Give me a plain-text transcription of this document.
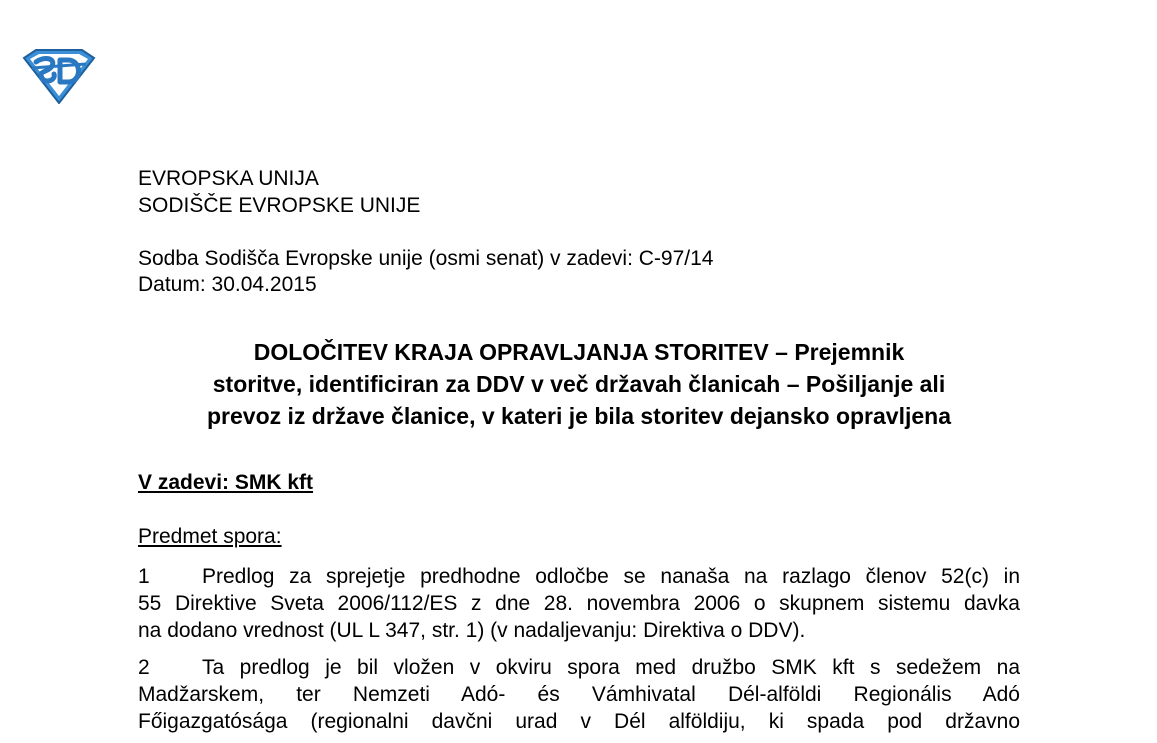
EVROPSKA UNIJA
SODIŠČE EVROPSKE UNIJE
Sodba Sodišča Evropske unije (osmi senat) v zadevi: C-97/14
Datum: 30.04.2015
DOLOČITEV KRAJA OPRAVLJANJA STORITEV – Prejemnik
storitve, identificiran za DDV v več državah članicah – Pošiljanje ali
prevoz iz države članice, v kateri je bila storitev dejansko opravljena
V zadevi: SMK kft
Predmet spora:
1 Predlog za sprejetje predhodne odločbe se nanaša na razlago členov 52(c) in
55 Direktive Sveta 2006/112/ES z dne 28. novembra 2006 o skupnem sistemu davka
na dodano vrednost (UL L 347, str. 1) (v nadaljevanju: Direktiva o DDV).
2 Ta predlog je bil vložen v okviru spora med družbo SMK kft s sedežem na
Madžarskem, ter Nemzeti Adó- és Vámhivatal Dél-alföldi Regionális Adó
Főigazgatósága (regionalni davčni urad v Dél alföldiju, ki spada pod državno
